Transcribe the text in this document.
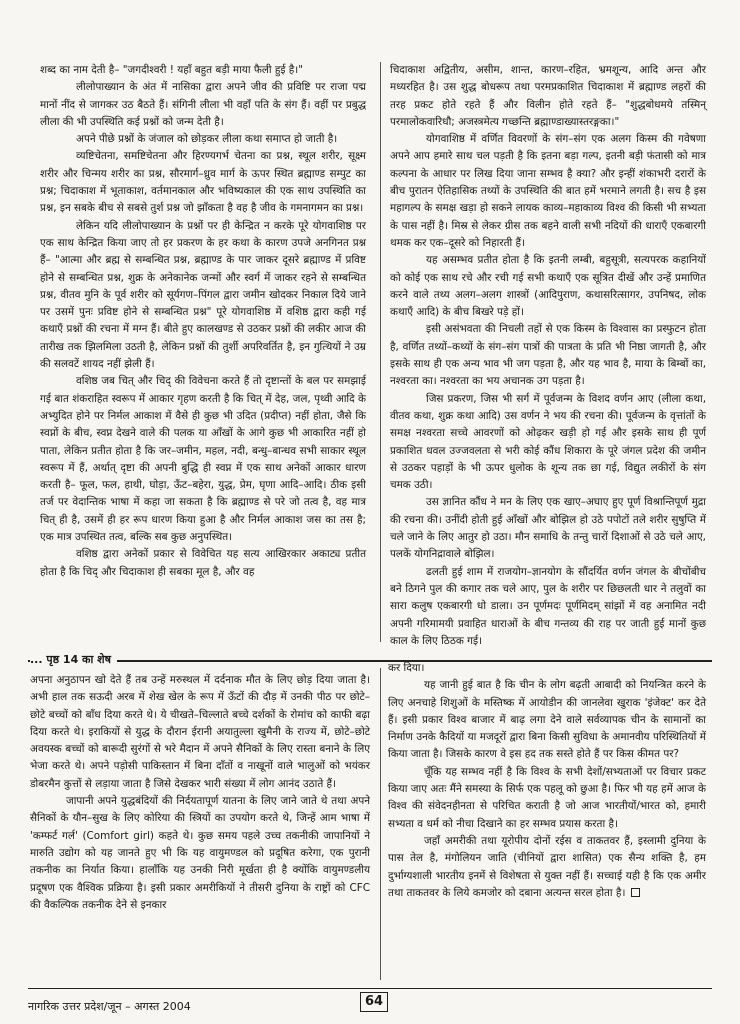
शब्द का नाम देती है– "जगदीश्वरी ! यहाँ बहुत बड़ी माया फैली हुई है।"

लीलोपाख्यान के अंत में नासिका द्वारा अपने जीव की प्रविष्टि पर राजा पद्म मानों नींद से जागकर उठ बैठते हैं। संगिनी लीला भी वहाँ पति के संग हैं। वहीं पर प्रबुद्ध लीला की भी उपस्थिति कई प्रश्नों को जन्म देती है।

अपने पीछे प्रश्नों के जंजाल को छोड़कर लीला कथा समाप्त हो जाती है।

व्यष्टिचेतना, समष्टिचेतना और हिरण्यगर्भ चेतना का प्रश्न, स्थूल शरीर, सूक्ष्म शरीर और चिन्मय शरीर का प्रश्न, सौरमार्ग–ध्रुव मार्ग के ऊपर स्थित ब्रह्माण्ड सम्पुट का प्रश्न; चिदाकाश में भूताकाश, वर्तमानकाल और भविष्यकाल की एक साथ उपस्थिति का प्रश्न, इन सबके बीच से सबसे तुर्श प्रश्न जो झाँकता है वह है जीव के गमनागमन का प्रश्न।

लेकिन यदि लीलोपाख्यान के प्रश्नों पर ही केन्द्रित न करके पूरे योगवाशिष्ठ पर एक साथ केन्द्रित किया जाए तो हर प्रकरण के हर कथा के कारण उपजे अनगिनत प्रश्न हैं– "आत्मा और ब्रह्म से सम्बन्धित प्रश्न, ब्रह्माण्ड के पार जाकर दूसरे ब्रह्माण्ड में प्रविष्ट होने से सम्बन्धित प्रश्न, शुक्र के अनेकानेक जन्मों और स्वर्ग में जाकर रहने से सम्बन्धित प्रश्न, वीतव मुनि के पूर्व शरीर को सूर्यगण–पिंगल द्वारा जमीन खोदकर निकाल दिये जाने पर उसमें पुनः प्रविष्ट होने से सम्बन्धित प्रश्न" पूरे योगवाशिष्ठ में वशिष्ठ द्वारा कही गई कथाएँ प्रश्नों की रचना में मग्न हैं। बीते हुए कालखण्ड से उठकर प्रश्नों की लकीर आज की तारीख तक झिलमिला उठती है, लेकिन प्रश्नों की तुर्शी अपरिवर्तित है, इन गुत्थियों ने उम्र की सलवटें शायद नहीं झेली हैं।

वशिष्ठ जब चित् और चिद् की विवेचना करते हैं तो दृष्टान्तों के बल पर समझाई गई बात शंकराहित स्वरूप में आकार गृहण करती है कि चित् में देह, जल, पृथ्वी आदि के अभ्युदित होने पर निर्मल आकाश में वैसे ही कुछ भी उदित (प्रदीप्त) नहीं होता, जैसे कि स्वप्नों के बीच, स्वप्न देखने वाले की पलक या आँखों के आगे कुछ भी आकारित नहीं हो पाता, लेकिन प्रतीत होता है कि जर–जमीन, महल, नदी, बन्धु–बान्धव सभी साकार स्थूल स्वरूप में हैं, अर्थात् दृष्टा की अपनी बुद्धि ही स्वप्न में एक साथ अनेकों आकार धारण करती है– फूल, फल, हाथी, घोड़ा, ऊँट–बहेरा, युद्ध, प्रेम, घृणा आदि–आदि। ठीक इसी तर्ज पर वेदान्तिक भाषा में कहा जा सकता है कि ब्रह्माण्ड से परे जो तत्व है, वह मात्र चित् ही है, उसमें ही हर रूप धारण किया हुआ है और निर्मल आकाश जस का तस है; एक मात्र उपस्थित तत्व, बल्कि सब कुछ अनुपस्थित।

वशिष्ठ द्वारा अनेकों प्रकार से विवेचित यह सत्य आखिरकार अकाट्य प्रतीत होता है कि चिद् और चिदाकाश ही सबका मूल है, और वह

चिदाकाश अद्वितीय, असीम, शान्त, कारण–रहित, भ्रमशून्य, आदि अन्त और मध्यरहित है। उस शुद्ध बोधरूप तथा परमप्रकाशित चिदाकाश में ब्रह्माण्ड लहरों की तरह प्रकट होते रहते हैं और विलीन होते रहते हैं– "शुद्धबोधमये तस्मिन् परमालोकवारिधौ; अजस्त्रमेत्य गच्छन्ति ब्रह्माण्डाख्यास्तरङ्गका।"

योगवाशिष्ठ में वर्णित विवरणों के संग–संग एक अलग किस्म की गवेषणा अपने आप हमारे साथ चल पड़ती है कि इतना बड़ा गल्प, इतनी बड़ी फंतासी को मात्र कल्पना के आधार पर लिख दिया जाना सम्भव है क्या? और इन्हीं शंकाभरी दरारों के बीच पुरातन ऐतिहासिक तथ्यों के उपस्थिति की बात हमें भरमाने लगती है। सच है इस महागल्प के समक्ष खड़ा हो सकने लायक काव्य–महाकाव्य विश्व की किसी भी सभ्यता के पास नहीं है। मिस्र से लेकर ग्रीस तक बहने वाली सभी नदियों की धाराएँ एकबारगी थमक कर एक–दूसरे को निहारती हैं।

यह असम्भव प्रतीत होता है कि इतनी लम्बी, बहुसूत्री, सत्यपरक कहानियों को कोई एक साथ रचे और रची गई सभी कथाएँ एक सूत्रित दीखें और उन्हें प्रमाणित करने वाले तथ्य अलग–अलग शास्त्रों (आदिपुराण, कथासरित्सागर, उपनिषद, लोक कथाएँ आदि) के बीच बिखरे पड़े हों।

इसी असंभवता की निचली तहों से एक किस्म के विश्वास का प्रस्फुटन होता है, वर्णित तथ्यों–कथ्यों के संग–संग पात्रों की पात्रता के प्रति भी निष्ठा जागती है, और इसके साथ ही एक अन्य भाव भी जग पड़ता है, और यह भाव है, माया के बिम्बों का, नश्वरता का। नश्वरता का भय अचानक उग पड़ता है।

जिस प्रकरण, जिस भी सर्ग में पूर्वजन्म के विशद वर्णन आए (लीला कथा, वीतव कथा, शुक्र कथा आदि) उस वर्णन ने भय की रचना की। पूर्वजन्म के वृत्तांतों के समक्ष नश्वरता सच्चे आवरणों को ओढ़कर खड़ी हो गई और इसके साथ ही पूर्ण प्रकाशित धवल उज्जवलता से भरी कोई कौंध शिकारा के पूरे जंगल प्रदेश की जमीन से उठकर पहाड़ों के भी ऊपर धुलोक के शून्य तक छा गई, विद्युत लकीरों के संग चमक उठी।

उस ज्ञानित कौंध ने मन के लिए एक खाए–अघाए हुए पूर्ण विश्रान्तिपूर्ण मुद्रा की रचना की। उनींदी होती हुई आँखों और बोझिल हो उठे पपोटों तले शरीर सुषुप्ति में चले जाने के लिए आतुर हो उठा। मौन समाधि के तन्तु चारों दिशाओं से उठे चले आए, पलकें योगनिद्रावाले बोझिल।

ढलती हुई शाम में राजयोग–ज्ञानयोग के सौंदर्यित वर्णन जंगल के बीचोंबीच बने ठिगने पुल की कगार तक चले आए, पुल के शरीर पर छिछलती धार ने तलुवों का सारा कलुष एकबारगी धो डाला। उन पूर्णमदः पूर्णमिदम् सांझों में वह अनामित नदी अपनी गरिमामयी प्रवाहित धाराओं के बीच गन्तव्य की राह पर जाती हुई मानों कुछ काल के लिए ठिठक गई।

... पृष्ठ 14 का शेष

अपना अनुठापन खो देते हैं तब उन्हें मरुस्थल में दर्दनाक मौत के लिए छोड़ दिया जाता है। अभी हाल तक सऊदी अरब में शेख खेल के रूप में ऊँटों की दौड़ में उनकी पीठ पर छोटे–छोटे बच्चों को बाँध दिया करते थे। ये चीखते–चिल्लाते बच्चे दर्शकों के रोमांच को काफी बढ़ा दिया करते थे। इराकियों से युद्ध के दौरान ईरानी अयातुल्ला खुमैनी के राज्य में, छोटे–छोटे अवयस्क बच्चों को बारूदी सुरंगों से भरे मैदान में अपने सैनिकों के लिए रास्ता बनाने के लिए भेजा करते थे। अपने पड़ोसी पाकिस्तान में बिना दाँतों व नाखूनों वाले भालुओं को भयंकर डोबरमैन कुत्तों से लड़ाया जाता है जिसे देखकर भारी संख्या में लोग आनंद उठाते हैं।

जापानी अपने युद्धबंदियों की निर्दयतापूर्ण यातना के लिए जाने जाते थे तथा अपने सैनिकों के यौन–सुख के लिए कोरिया की स्त्रियों का उपयोग करते थे, जिन्हें आम भाषा में 'कम्फर्ट गर्ल' (Comfort girl) कहते थे। कुछ समय पहले उच्च तकनीकी जापानियों ने मारुति उद्योग को यह जानते हुए भी कि यह वायुमण्डल को प्रदूषित करेगा, एक पुरानी तकनीक का निर्यात किया। हालाँकि यह उनकी निरी मूर्खता ही है क्योंकि वायुमण्डलीय प्रदूषण एक वैश्विक प्रक्रिया है। इसी प्रकार अमरीकियों ने तीसरी दुनिया के राष्ट्रों को CFC की वैकल्पिक तकनीक देने से इनकार

कर दिया।

यह जानी हुई बात है कि चीन के लोग बढ़ती आबादी को नियन्त्रित करने के लिए अनचाहे शिशुओं के मस्तिष्क में आयोडीन की जानलेवा खुराक 'इंजेक्ट' कर देते हैं। इसी प्रकार विश्व बाजार में बाढ़ लगा देने वाले सर्वव्यापक चीन के सामानों का निर्माण उनके कैदियों या मजदूरों द्वारा बिना किसी सुविधा के अमानवीय परिस्थितियों में किया जाता है। जिसके कारण वे इस हद तक सस्ते होते हैं पर किस कीमत पर?

चूँकि यह सम्भव नहीं है कि विश्व के सभी देशों/सभ्यताओं पर विचार प्रकट किया जाए अतः मैंने समस्या के सिर्फ एक पहलू को छुआ है। फिर भी यह हमें आज के विश्व की संवेदनहीनता से परिचित कराती है जो आज भारतीयों/भारत को, हमारी सभ्यता व धर्म को नीचा दिखाने का हर सम्भव प्रयास करता है।

जहाँ अमरीकी तथा यूरोपीय दोनों रईस व ताकतवर हैं, इस्लामी दुनिया के पास तेल है, मंगोलियन जाति (चीनियों द्वारा शासित) एक सैन्य शक्ति है, हम दुर्भाग्यशाली भारतीय इनमें से विशेषता से युक्त नहीं हैं। सच्चाई यही है कि एक अमीर तथा ताकतवर के लिये कमजोर को दबाना अत्यन्त सरल होता है।

नागरिक उत्तर प्रदेश/जून – अगस्त 2004	64
